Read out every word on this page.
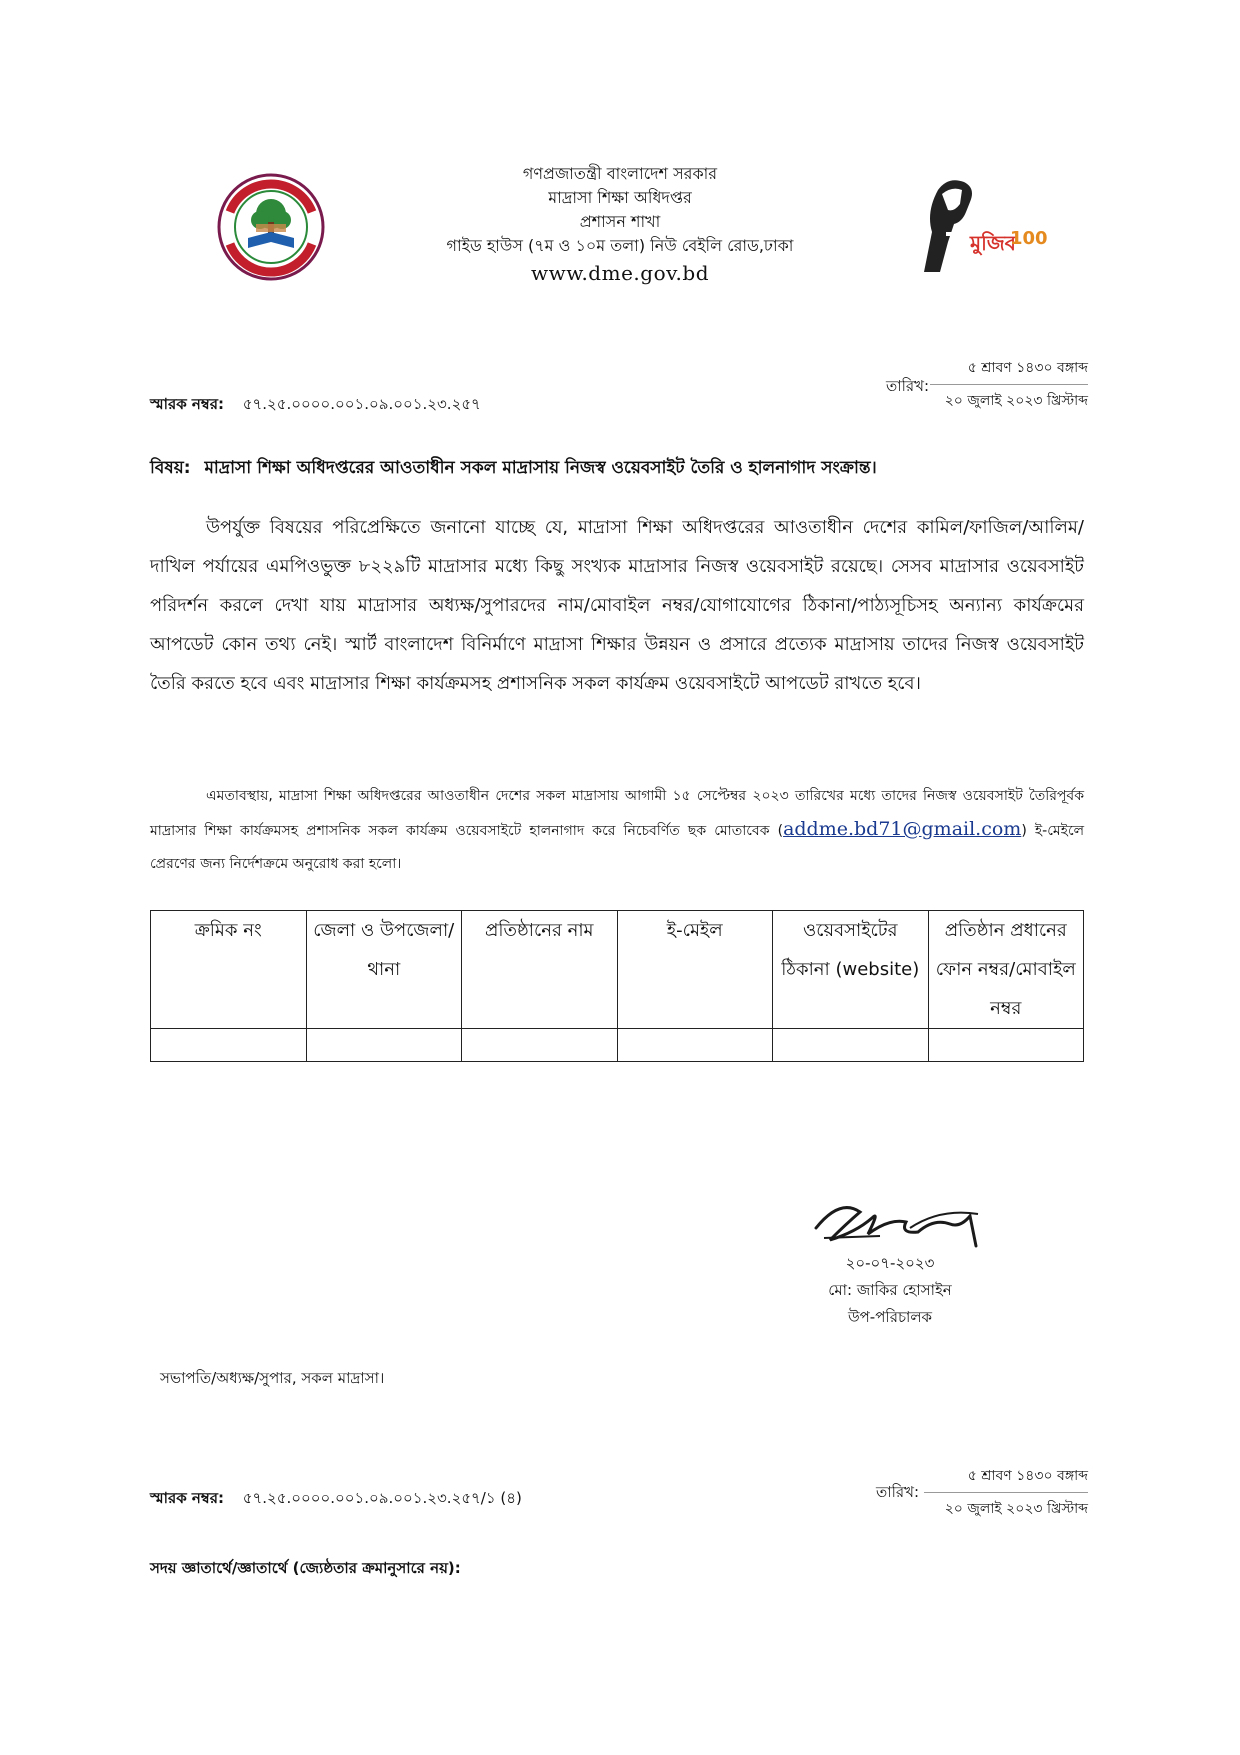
গণপ্রজাতন্ত্রী বাংলাদেশ সরকার
মাদ্রাসা শিক্ষা অধিদপ্তর
প্রশাসন শাখা
গাইড হাউস (৭ম ও ১০ম তলা) নিউ বেইলি রোড,ঢাকা
www.dme.gov.bd
মুজিব
100
স্মারক নম্বর: ৫৭.২৫.০০০০.০০১.০৯.০০১.২৩.২৫৭
তারিখ:
৫ শ্রাবণ ১৪৩০ বঙ্গাব্দ
২০ জুলাই ২০২৩ খ্রিস্টাব্দ
বিষয়: মাদ্রাসা শিক্ষা অধিদপ্তরের আওতাধীন সকল মাদ্রাসায় নিজস্ব ওয়েবসাইট তৈরি ও হালনাগাদ সংক্রান্ত।
উপর্যুক্ত বিষয়ের পরিপ্রেক্ষিতে জনানো যাচ্ছে যে, মাদ্রাসা শিক্ষা অধিদপ্তরের আওতাধীন দেশের কামিল/ফাজিল/আলিম/দাখিল পর্যায়ের এমপিওভুক্ত ৮২২৯টি মাদ্রাসার মধ্যে কিছু সংখ্যক মাদ্রাসার নিজস্ব ওয়েবসাইট রয়েছে। সেসব মাদ্রাসার ওয়েবসাইট পরিদর্শন করলে দেখা যায় মাদ্রাসার অধ্যক্ষ/সুপারদের নাম/মোবাইল নম্বর/যোগাযোগের ঠিকানা/পাঠ্যসূচিসহ অন্যান্য কার্যক্রমের আপডেট কোন তথ্য নেই। স্মার্ট বাংলাদেশ বিনির্মাণে মাদ্রাসা শিক্ষার উন্নয়ন ও প্রসারে প্রত্যেক মাদ্রাসায় তাদের নিজস্ব ওয়েবসাইট তৈরি করতে হবে এবং মাদ্রাসার শিক্ষা কার্যক্রমসহ প্রশাসনিক সকল কার্যক্রম ওয়েবসাইটে আপডেট রাখতে হবে।
এমতাবস্থায়, মাদ্রাসা শিক্ষা অধিদপ্তরের আওতাধীন দেশের সকল মাদ্রাসায় আগামী ১৫ সেপ্টেম্বর ২০২৩ তারিখের মধ্যে তাদের নিজস্ব ওয়েবসাইট তৈরিপূর্বক মাদ্রাসার শিক্ষা কার্যক্রমসহ প্রশাসনিক সকল কার্যক্রম ওয়েবসাইটে হালনাগাদ করে নিচেবর্ণিত ছক মোতাবেক (addme.bd71@gmail.com) ই-মেইলে প্রেরণের জন্য নির্দেশক্রমে অনুরোধ করা হলো।
ক্রমিক নং	জেলা ও উপজেলা/থানা	প্রতিষ্ঠানের নাম	ই-মেইল	ওয়েবসাইটের ঠিকানা (website)	প্রতিষ্ঠান প্রধানের ফোন নম্বর/মোবাইল নম্বর

২০-০৭-২০২৩
মো: জাকির হোসাইন
উপ-পরিচালক
সভাপতি/অধ্যক্ষ/সুপার, সকল মাদ্রাসা।
স্মারক নম্বর: ৫৭.২৫.০০০০.০০১.০৯.০০১.২৩.২৫৭/১ (৪)	তারিখ:
৫ শ্রাবণ ১৪৩০ বঙ্গাব্দ
২০ জুলাই ২০২৩ খ্রিস্টাব্দ
সদয় জ্ঞাতার্থে/জ্ঞাতার্থে (জ্যেষ্ঠতার ক্রমানুসারে নয়):
